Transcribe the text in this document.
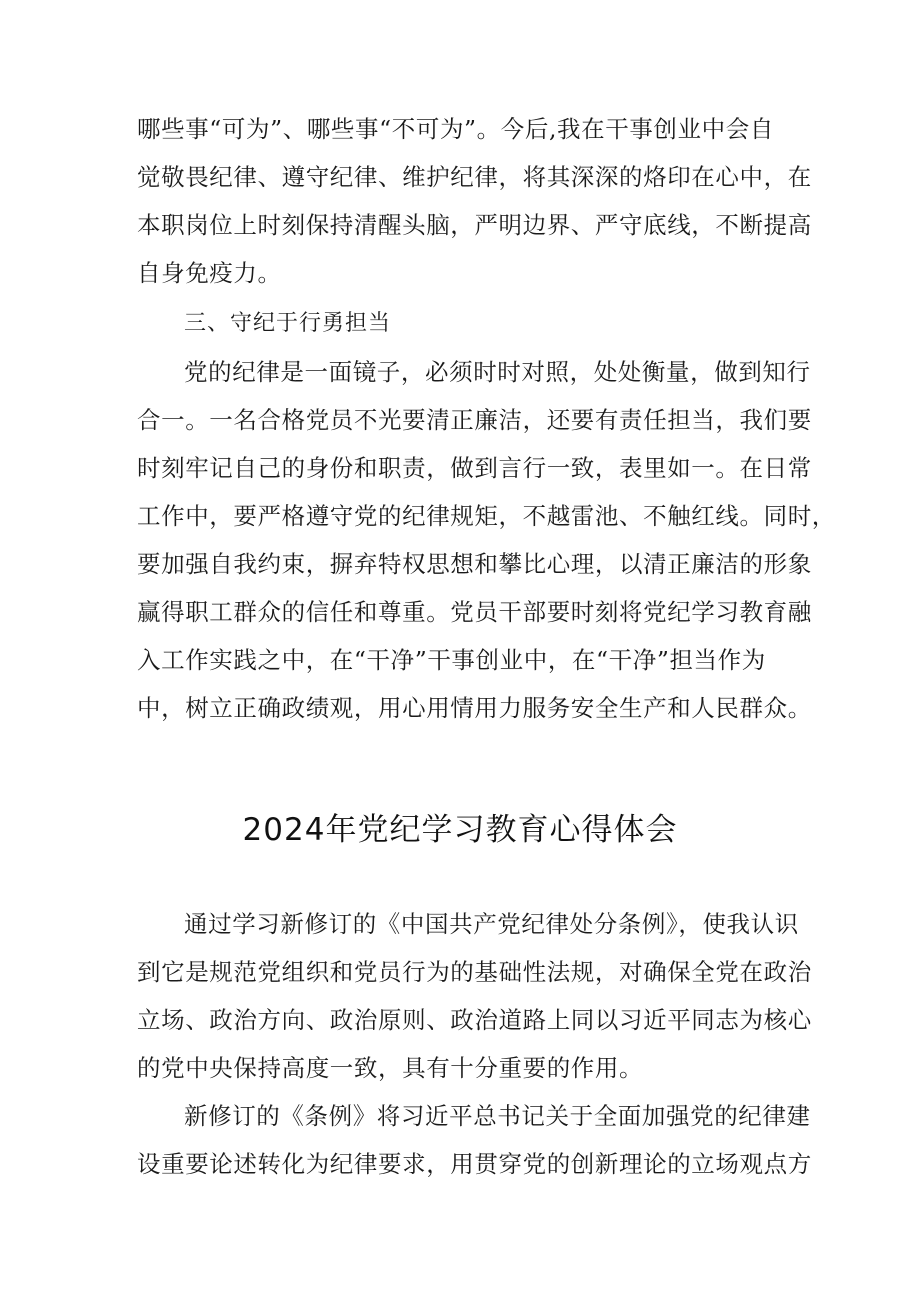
哪些事“可为”、哪些事“不可为”。今后,我在干事创业中会自
觉敬畏纪律、遵守纪律、维护纪律，将其深深的烙印在心中，在
本职岗位上时刻保持清醒头脑，严明边界、严守底线，不断提高
自身免疫力。
三、守纪于行勇担当
党的纪律是一面镜子，必须时时对照，处处衡量，做到知行
合一。一名合格党员不光要清正廉洁，还要有责任担当，我们要
时刻牢记自己的身份和职责，做到言行一致，表里如一。在日常
工作中，要严格遵守党的纪律规矩，不越雷池、不触红线。同时，
要加强自我约束，摒弃特权思想和攀比心理，以清正廉洁的形象
赢得职工群众的信任和尊重。党员干部要时刻将党纪学习教育融
入工作实践之中，在“干净”干事创业中，在“干净”担当作为
中，树立正确政绩观，用心用情用力服务安全生产和人民群众。
2024年党纪学习教育心得体会
通过学习新修订的《中国共产党纪律处分条例》，使我认识
到它是规范党组织和党员行为的基础性法规，对确保全党在政治
立场、政治方向、政治原则、政治道路上同以习近平同志为核心
的党中央保持高度一致，具有十分重要的作用。
新修订的《条例》将习近平总书记关于全面加强党的纪律建
设重要论述转化为纪律要求，用贯穿党的创新理论的立场观点方
